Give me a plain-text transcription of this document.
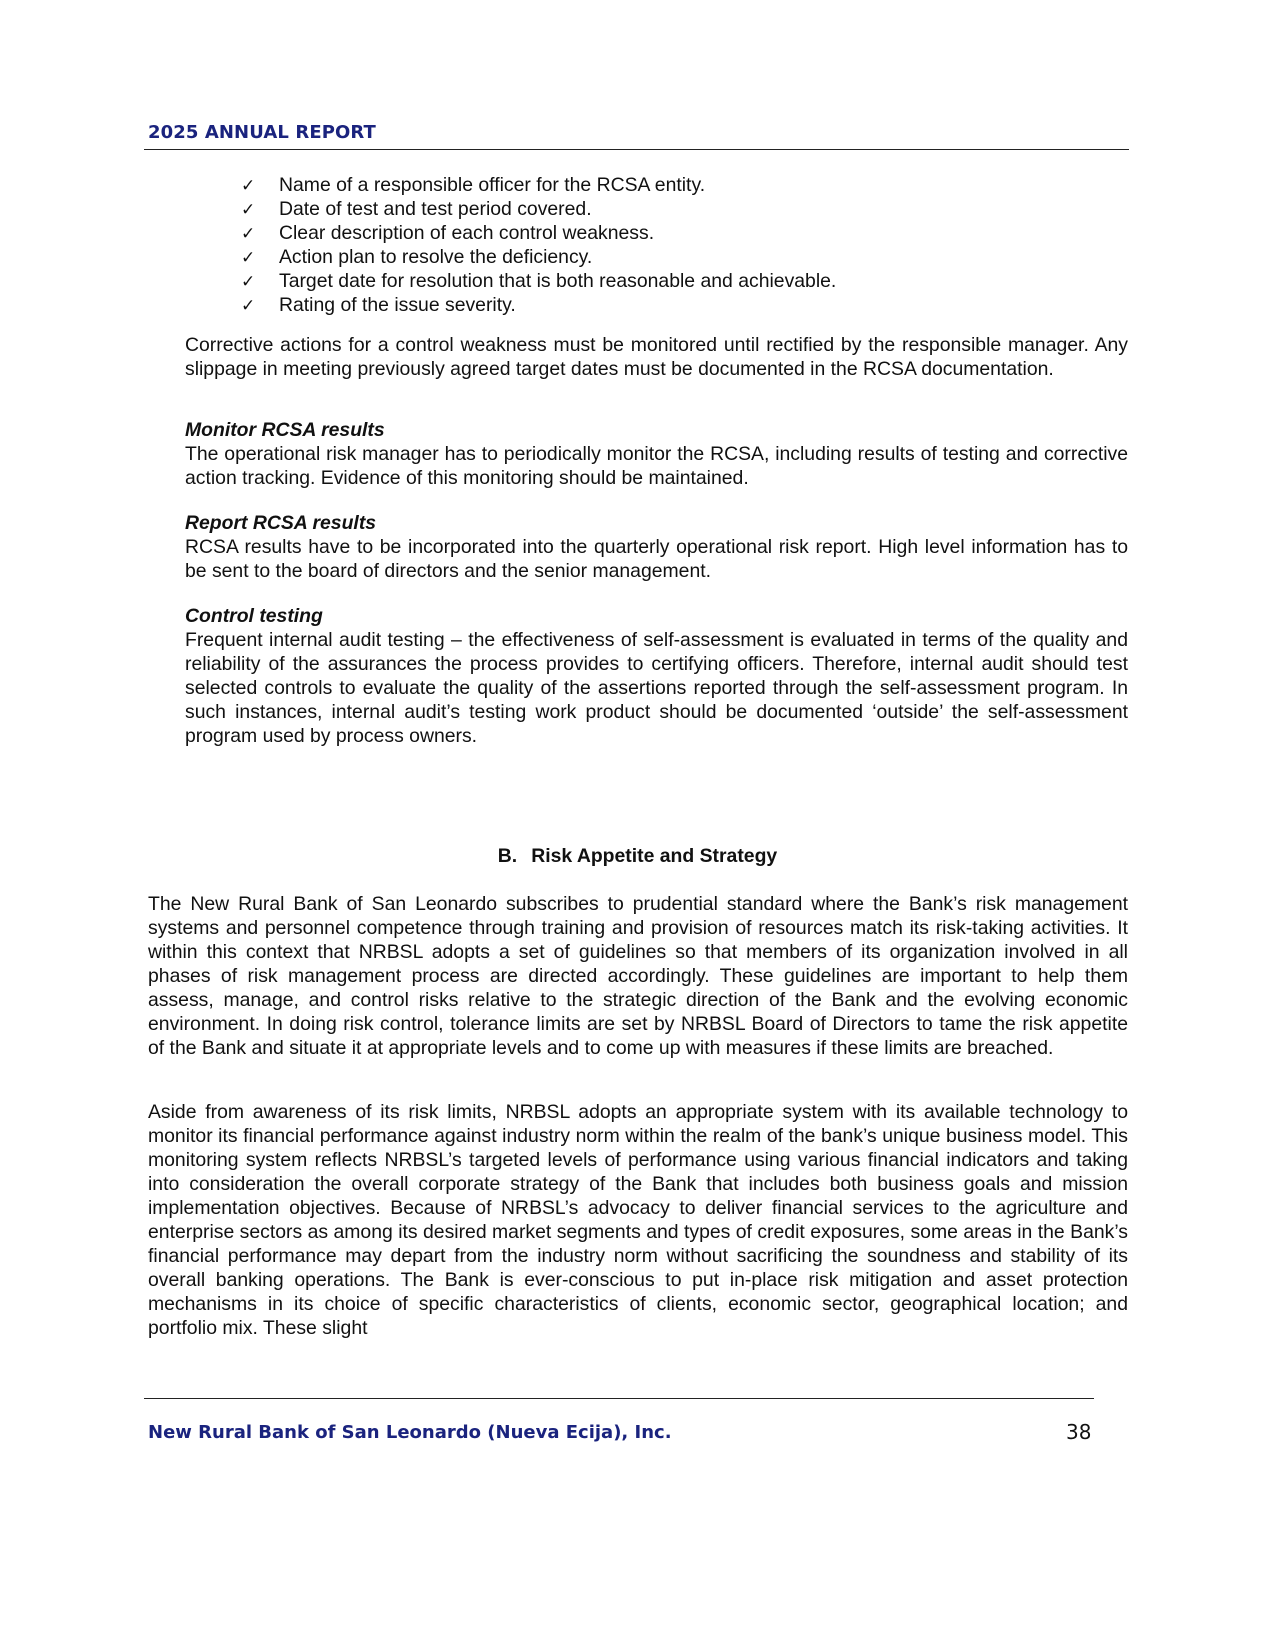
2025 ANNUAL REPORT
✓ Name of a responsible officer for the RCSA entity.
✓ Date of test and test period covered.
✓ Clear description of each control weakness.
✓ Action plan to resolve the deficiency.
✓ Target date for resolution that is both reasonable and achievable.
✓ Rating of the issue severity.

Corrective actions for a control weakness must be monitored until rectified by the responsible manager. Any slippage in meeting previously agreed target dates must be documented in the RCSA documentation.

Monitor RCSA results

The operational risk manager has to periodically monitor the RCSA, including results of testing and corrective action tracking. Evidence of this monitoring should be maintained.

Report RCSA results

RCSA results have to be incorporated into the quarterly operational risk report. High level information has to be sent to the board of directors and the senior management.

Control testing

Frequent internal audit testing – the effectiveness of self-assessment is evaluated in terms of the quality and reliability of the assurances the process provides to certifying officers. Therefore, internal audit should test selected controls to evaluate the quality of the assertions reported through the self-assessment program. In such instances, internal audit’s testing work product should be documented ‘outside’ the self-assessment program used by process owners.

B. Risk Appetite and Strategy

The New Rural Bank of San Leonardo subscribes to prudential standard where the Bank’s risk management systems and personnel competence through training and provision of resources match its risk-taking activities. It within this context that NRBSL adopts a set of guidelines so that members of its organization involved in all phases of risk management process are directed accordingly. These guidelines are important to help them assess, manage, and control risks relative to the strategic direction of the Bank and the evolving economic environment. In doing risk control, tolerance limits are set by NRBSL Board of Directors to tame the risk appetite of the Bank and situate it at appropriate levels and to come up with measures if these limits are breached.

Aside from awareness of its risk limits, NRBSL adopts an appropriate system with its available technology to monitor its financial performance against industry norm within the realm of the bank’s unique business model. This monitoring system reflects NRBSL’s targeted levels of performance using various financial indicators and taking into consideration the overall corporate strategy of the Bank that includes both business goals and mission implementation objectives. Because of NRBSL’s advocacy to deliver financial services to the agriculture and enterprise sectors as among its desired market segments and types of credit exposures, some areas in the Bank’s financial performance may depart from the industry norm without sacrificing the soundness and stability of its overall banking operations. The Bank is ever-conscious to put in-place risk mitigation and asset protection mechanisms in its choice of specific characteristics of clients, economic sector, geographical location; and portfolio mix. These slight

New Rural Bank of San Leonardo (Nueva Ecija), Inc.	38
